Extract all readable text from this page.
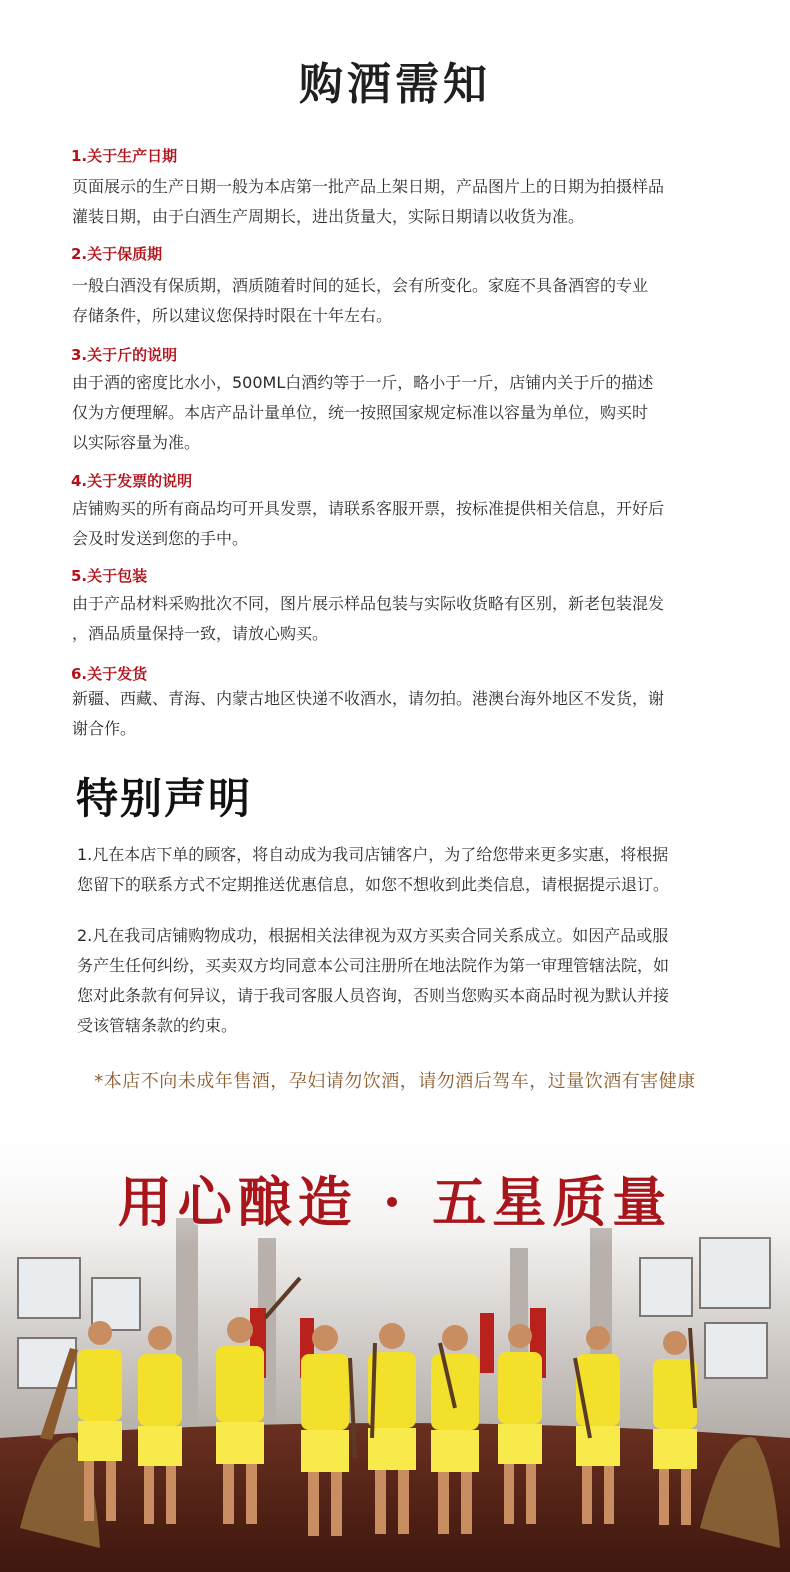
购酒需知
1.关于生产日期
页面展示的生产日期一般为本店第一批产品上架日期，产品图片上的日期为拍摄样品
灌装日期，由于白酒生产周期长，进出货量大，实际日期请以收货为准。
2.关于保质期
一般白酒没有保质期，酒质随着时间的延长，会有所变化。家庭不具备酒窖的专业
存储条件，所以建议您保持时限在十年左右。
3.关于斤的说明
由于酒的密度比水小，500ML白酒约等于一斤，略小于一斤，店铺内关于斤的描述
仅为方便理解。本店产品计量单位，统一按照国家规定标准以容量为单位，购买时
以实际容量为准。
4.关于发票的说明
店铺购买的所有商品均可开具发票，请联系客服开票，按标准提供相关信息，开好后
会及时发送到您的手中。
5.关于包装
由于产品材料采购批次不同，图片展示样品包装与实际收货略有区别，新老包装混发
，酒品质量保持一致，请放心购买。
6.关于发货
新疆、西藏、青海、内蒙古地区快递不收酒水，请勿拍。港澳台海外地区不发货，谢
谢合作。
特别声明
1.凡在本店下单的顾客，将自动成为我司店铺客户，为了给您带来更多实惠，将根据
您留下的联系方式不定期推送优惠信息，如您不想收到此类信息，请根据提示退订。
2.凡在我司店铺购物成功，根据相关法律视为双方买卖合同关系成立。如因产品或服
务产生任何纠纷，买卖双方均同意本公司注册所在地法院作为第一审理管辖法院，如
您对此条款有何异议，请于我司客服人员咨询，否则当您购买本商品时视为默认并接
受该管辖条款的约束。
*本店不向未成年售酒，孕妇请勿饮酒，请勿酒后驾车，过量饮酒有害健康
用心酿造 · 五星质量
